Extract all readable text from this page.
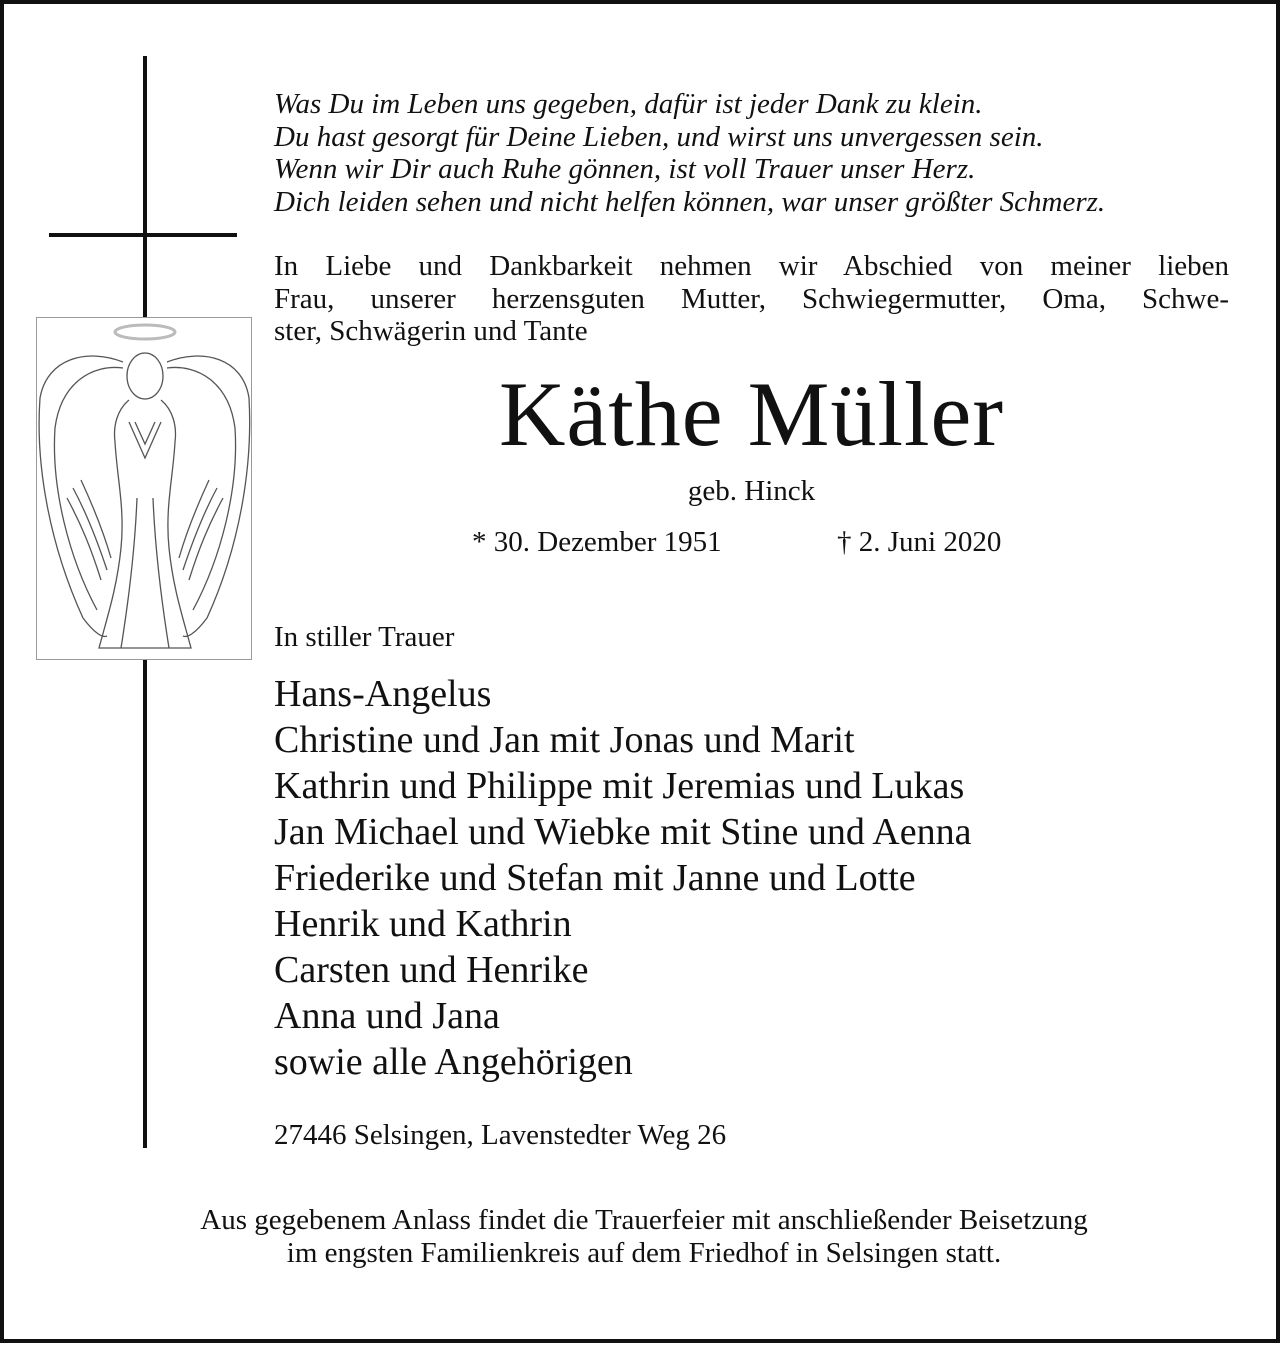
Was Du im Leben uns gegeben, dafür ist jeder Dank zu klein.
Du hast gesorgt für Deine Lieben, und wirst uns unvergessen sein.
Wenn wir Dir auch Ruhe gönnen, ist voll Trauer unser Herz.
Dich leiden sehen und nicht helfen können, war unser größter Schmerz.
In Liebe und Dankbarkeit nehmen wir Abschied von meiner lieben
Frau, unserer herzensguten Mutter, Schwiegermutter, Oma, Schwe-
ster, Schwägerin und Tante
Käthe Müller
geb. Hinck
* 30. Dezember 1951	† 2. Juni 2020
In stiller Trauer
Hans-Angelus
Christine und Jan mit Jonas und Marit
Kathrin und Philippe mit Jeremias und Lukas
Jan Michael und Wiebke mit Stine und Aenna
Friederike und Stefan mit Janne und Lotte
Henrik und Kathrin
Carsten und Henrike
Anna und Jana
sowie alle Angehörigen
27446 Selsingen, Lavenstedter Weg 26
Aus gegebenem Anlass findet die Trauerfeier mit anschließender Beisetzung
im engsten Familienkreis auf dem Friedhof in Selsingen statt.
